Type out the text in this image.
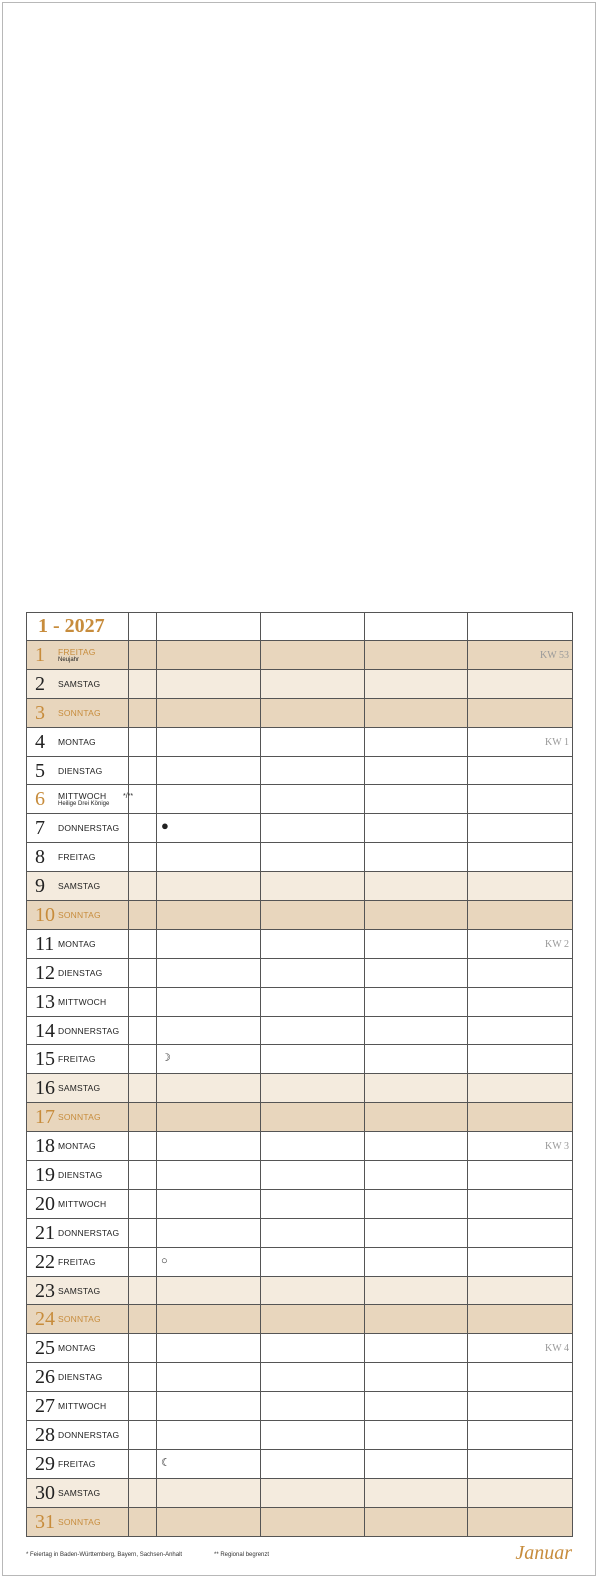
1 - 2027					

1 FREITAG
Neujahr					KW 53

2 SAMSTAG					

3 SONNTAG					

4 MONTAG					KW 1

5 DIENSTAG					

6 MITTWOCH
Heilige Drei Könige	*/**				

7 DONNERSTAG		●			

8 FREITAG					

9 SAMSTAG					

10 SONNTAG					

11 MONTAG					KW 2

12 DIENSTAG					

13 MITTWOCH					

14 DONNERSTAG					

15 FREITAG		☽			

16 SAMSTAG					

17 SONNTAG					

18 MONTAG					KW 3

19 DIENSTAG					

20 MITTWOCH					

21 DONNERSTAG					

22 FREITAG		○			

23 SAMSTAG					

24 SONNTAG					

25 MONTAG					KW 4

26 DIENSTAG					

27 MITTWOCH					

28 DONNERSTAG					

29 FREITAG		☾			

30 SAMSTAG					

31 SONNTAG					

* Feiertag in Baden-Württemberg, Bayern, Sachsen-Anhalt	** Regional begrenzt	Januar
